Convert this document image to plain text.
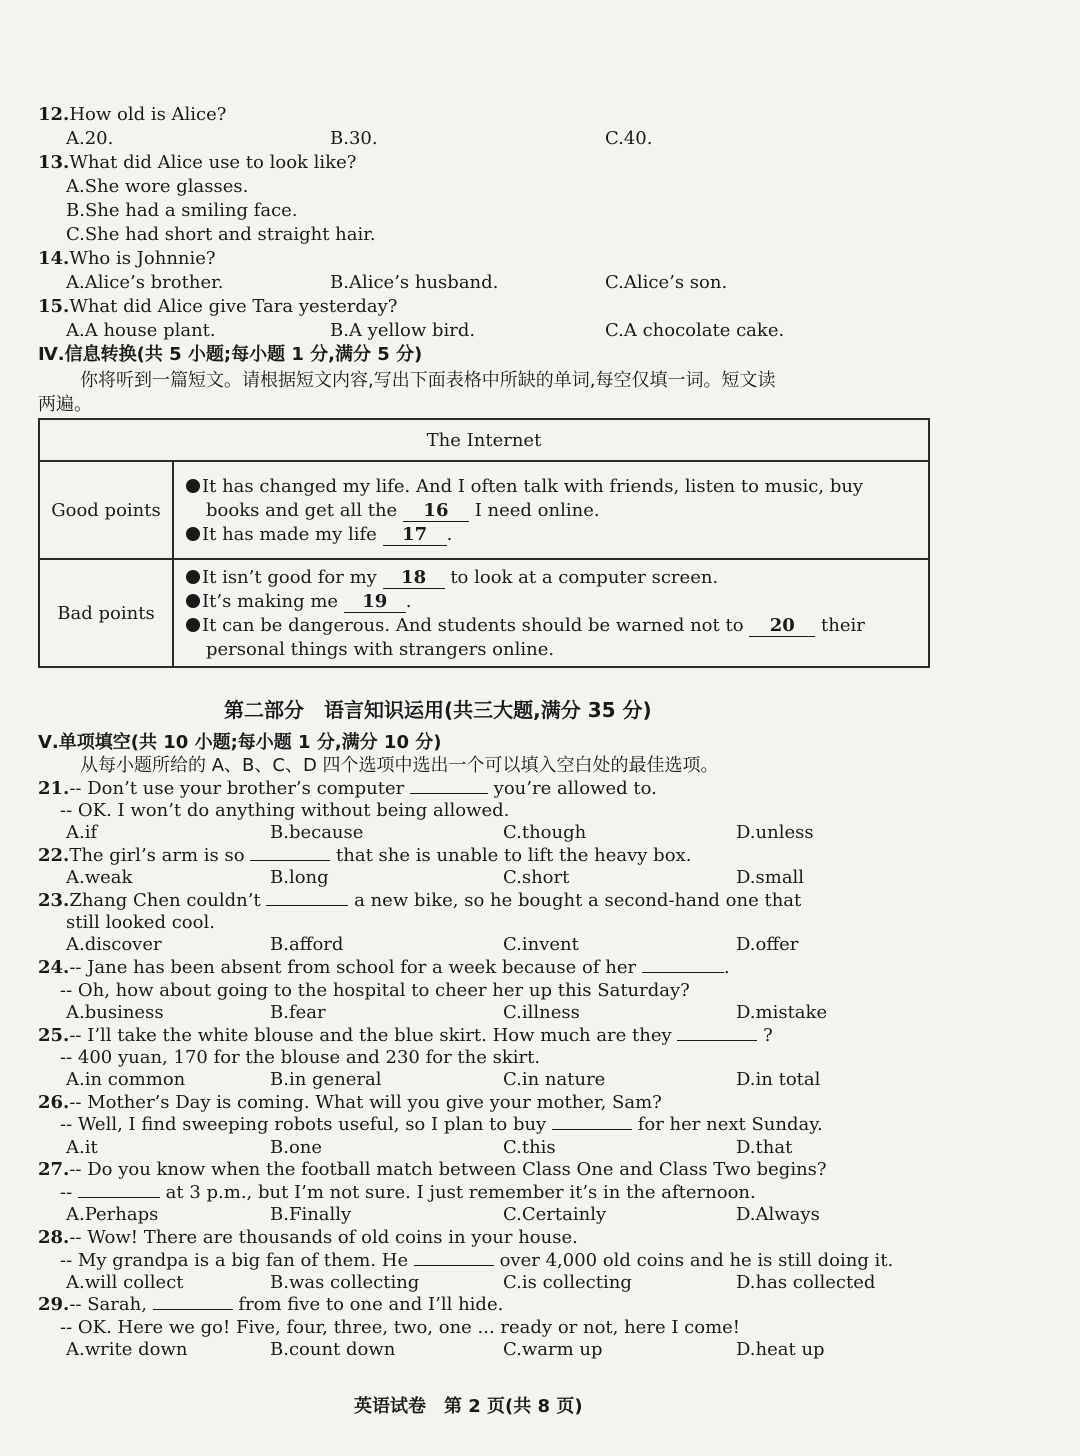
12.How old is Alice?
A.20.	B.30.	C.40.
13.What did Alice use to look like?
A.She wore glasses.
B.She had a smiling face.
C.She had short and straight hair.
14.Who is Johnnie?
A.Alice’s brother.	B.Alice’s husband.	C.Alice’s son.
15.What did Alice give Tara yesterday?
A.A house plant.	B.A yellow bird.	C.A chocolate cake.
Ⅳ.信息转换(共 5 小题;每小题 1 分,满分 5 分)
你将听到一篇短文。请根据短文内容,写出下面表格中所缺的单词,每空仅填一词。短文读
两遍。
The Internet	
Good points	It has changed my life. And I often talk with friends, listen to music, buy
books and get all the 16 I need online.
It has made my life 17 .

Bad points	It isn’t good for my 18 to look at a computer screen.
It’s making me 19 .
It can be dangerous. And students should be warned not to 20 their
personal things with strangers online.
第二部分　语言知识运用(共三大题,满分 35 分)
Ⅴ.单项填空(共 10 小题;每小题 1 分,满分 10 分)
从每小题所给的 A、B、C、D 四个选项中选出一个可以填入空白处的最佳选项。
21.-- Don’t use your brother’s computer	you’re allowed to.
-- OK. I won’t do anything without being allowed.
A.if	B.because	C.though	D.unless
22.The girl’s arm is so	that she is unable to lift the heavy box.
A.weak	B.long	C.short	D.small
23.Zhang Chen couldn’t	a new bike, so he bought a second-hand one that
still looked cool.
A.discover	B.afford	C.invent	D.offer
24.-- Jane has been absent from school for a week because of her	.
-- Oh, how about going to the hospital to cheer her up this Saturday?
A.business	B.fear	C.illness	D.mistake
25.-- I’ll take the white blouse and the blue skirt. How much are they	?
-- 400 yuan, 170 for the blouse and 230 for the skirt.
A.in common	B.in general	C.in nature	D.in total
26.-- Mother’s Day is coming. What will you give your mother, Sam?
-- Well, I find sweeping robots useful, so I plan to buy	for her next Sunday.
A.it	B.one	C.this	D.that
27.-- Do you know when the football match between Class One and Class Two begins?
--	at 3 p.m., but I’m not sure. I just remember it’s in the afternoon.
A.Perhaps	B.Finally	C.Certainly	D.Always
28.-- Wow! There are thousands of old coins in your house.
-- My grandpa is a big fan of them. He	over 4,000 old coins and he is still doing it.
A.will collect	B.was collecting	C.is collecting	D.has collected
29.-- Sarah,	from five to one and I’ll hide.
-- OK. Here we go! Five, four, three, two, one ... ready or not, here I come!
A.write down	B.count down	C.warm up	D.heat up
英语试卷　第 2 页(共 8 页)
